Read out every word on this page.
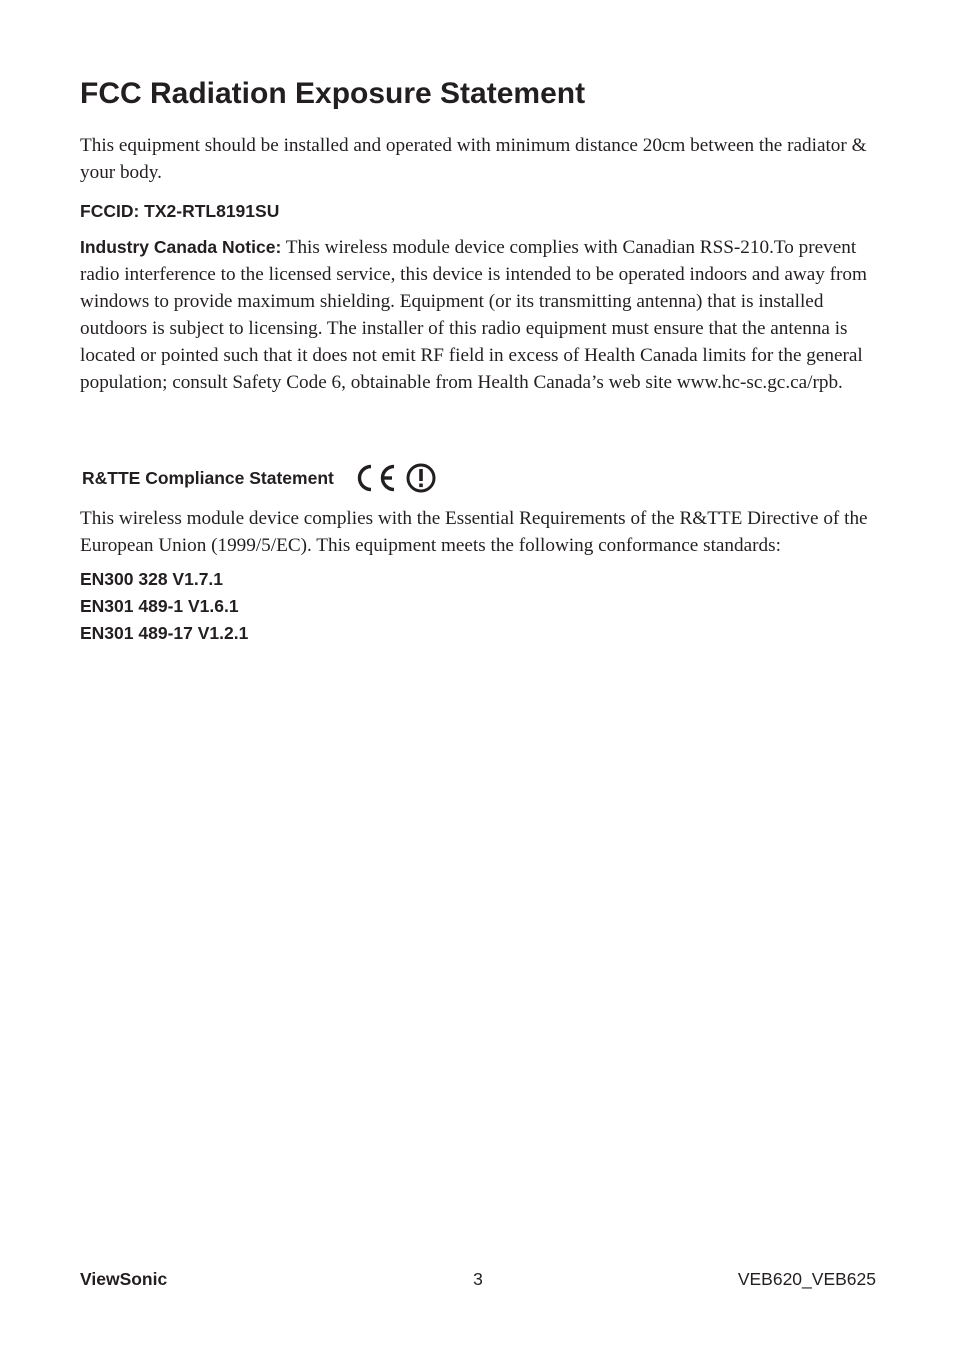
FCC Radiation Exposure Statement

This equipment should be installed and operated with minimum distance 20cm between the radiator & your body.

FCCID: TX2-RTL8191SU

Industry Canada Notice: This wireless module device complies with Canadian RSS-210.To prevent radio interference to the licensed service, this device is intended to be operated indoors and away from windows to provide maximum shielding. Equipment (or its transmitting antenna) that is installed outdoors is subject to licensing. The installer of this radio equipment must ensure that the antenna is located or pointed such that it does not emit RF field in excess of Health Canada limits for the general population; consult Safety Code 6, obtainable from Health Canada’s web site www.hc-sc.gc.ca/rpb.

R&TTE Compliance Statement

This wireless module device complies with the Essential Requirements of the R&TTE Directive of the European Union (1999/5/EC). This equipment meets the following conformance standards:

EN300 328 V1.7.1
EN301 489-1 V1.6.1
EN301 489-17 V1.2.1
ViewSonic	3	VEB620_VEB625
